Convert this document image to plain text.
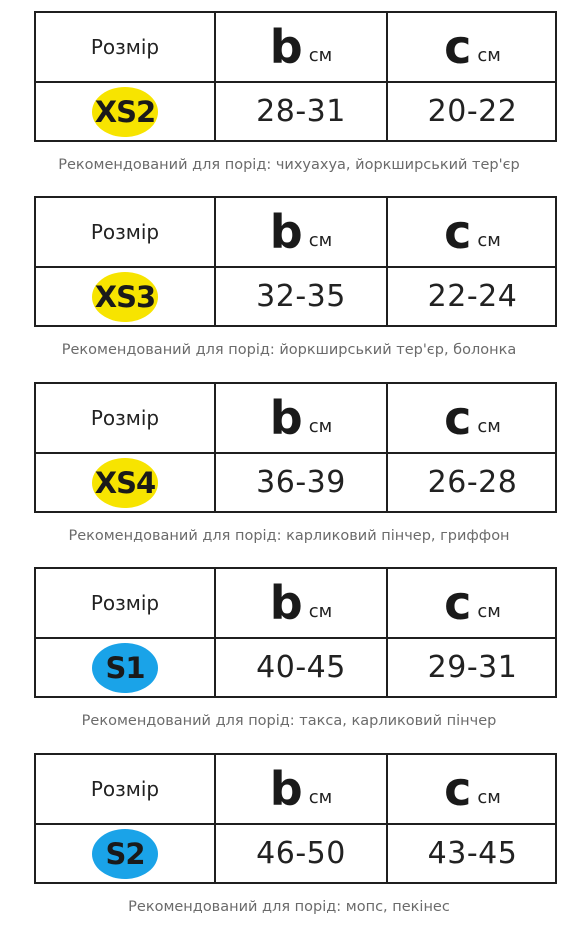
Розмір b см c см
XS2	28-31	20-22
Рекомендований для порід: чихуахуа, йоркширський тер'єр
Розмір b см c см
XS3	32-35	22-24
Рекомендований для порід: йоркширський тер'єр, болонка
Розмір b см c см
XS4	36-39	26-28
Рекомендований для порід: карликовий пінчер, гриффон
Розмір b см c см
S1	40-45	29-31
Рекомендований для порід: такса, карликовий пінчер
Розмір b см c см
S2	46-50	43-45
Рекомендований для порід: мопс, пекінес
